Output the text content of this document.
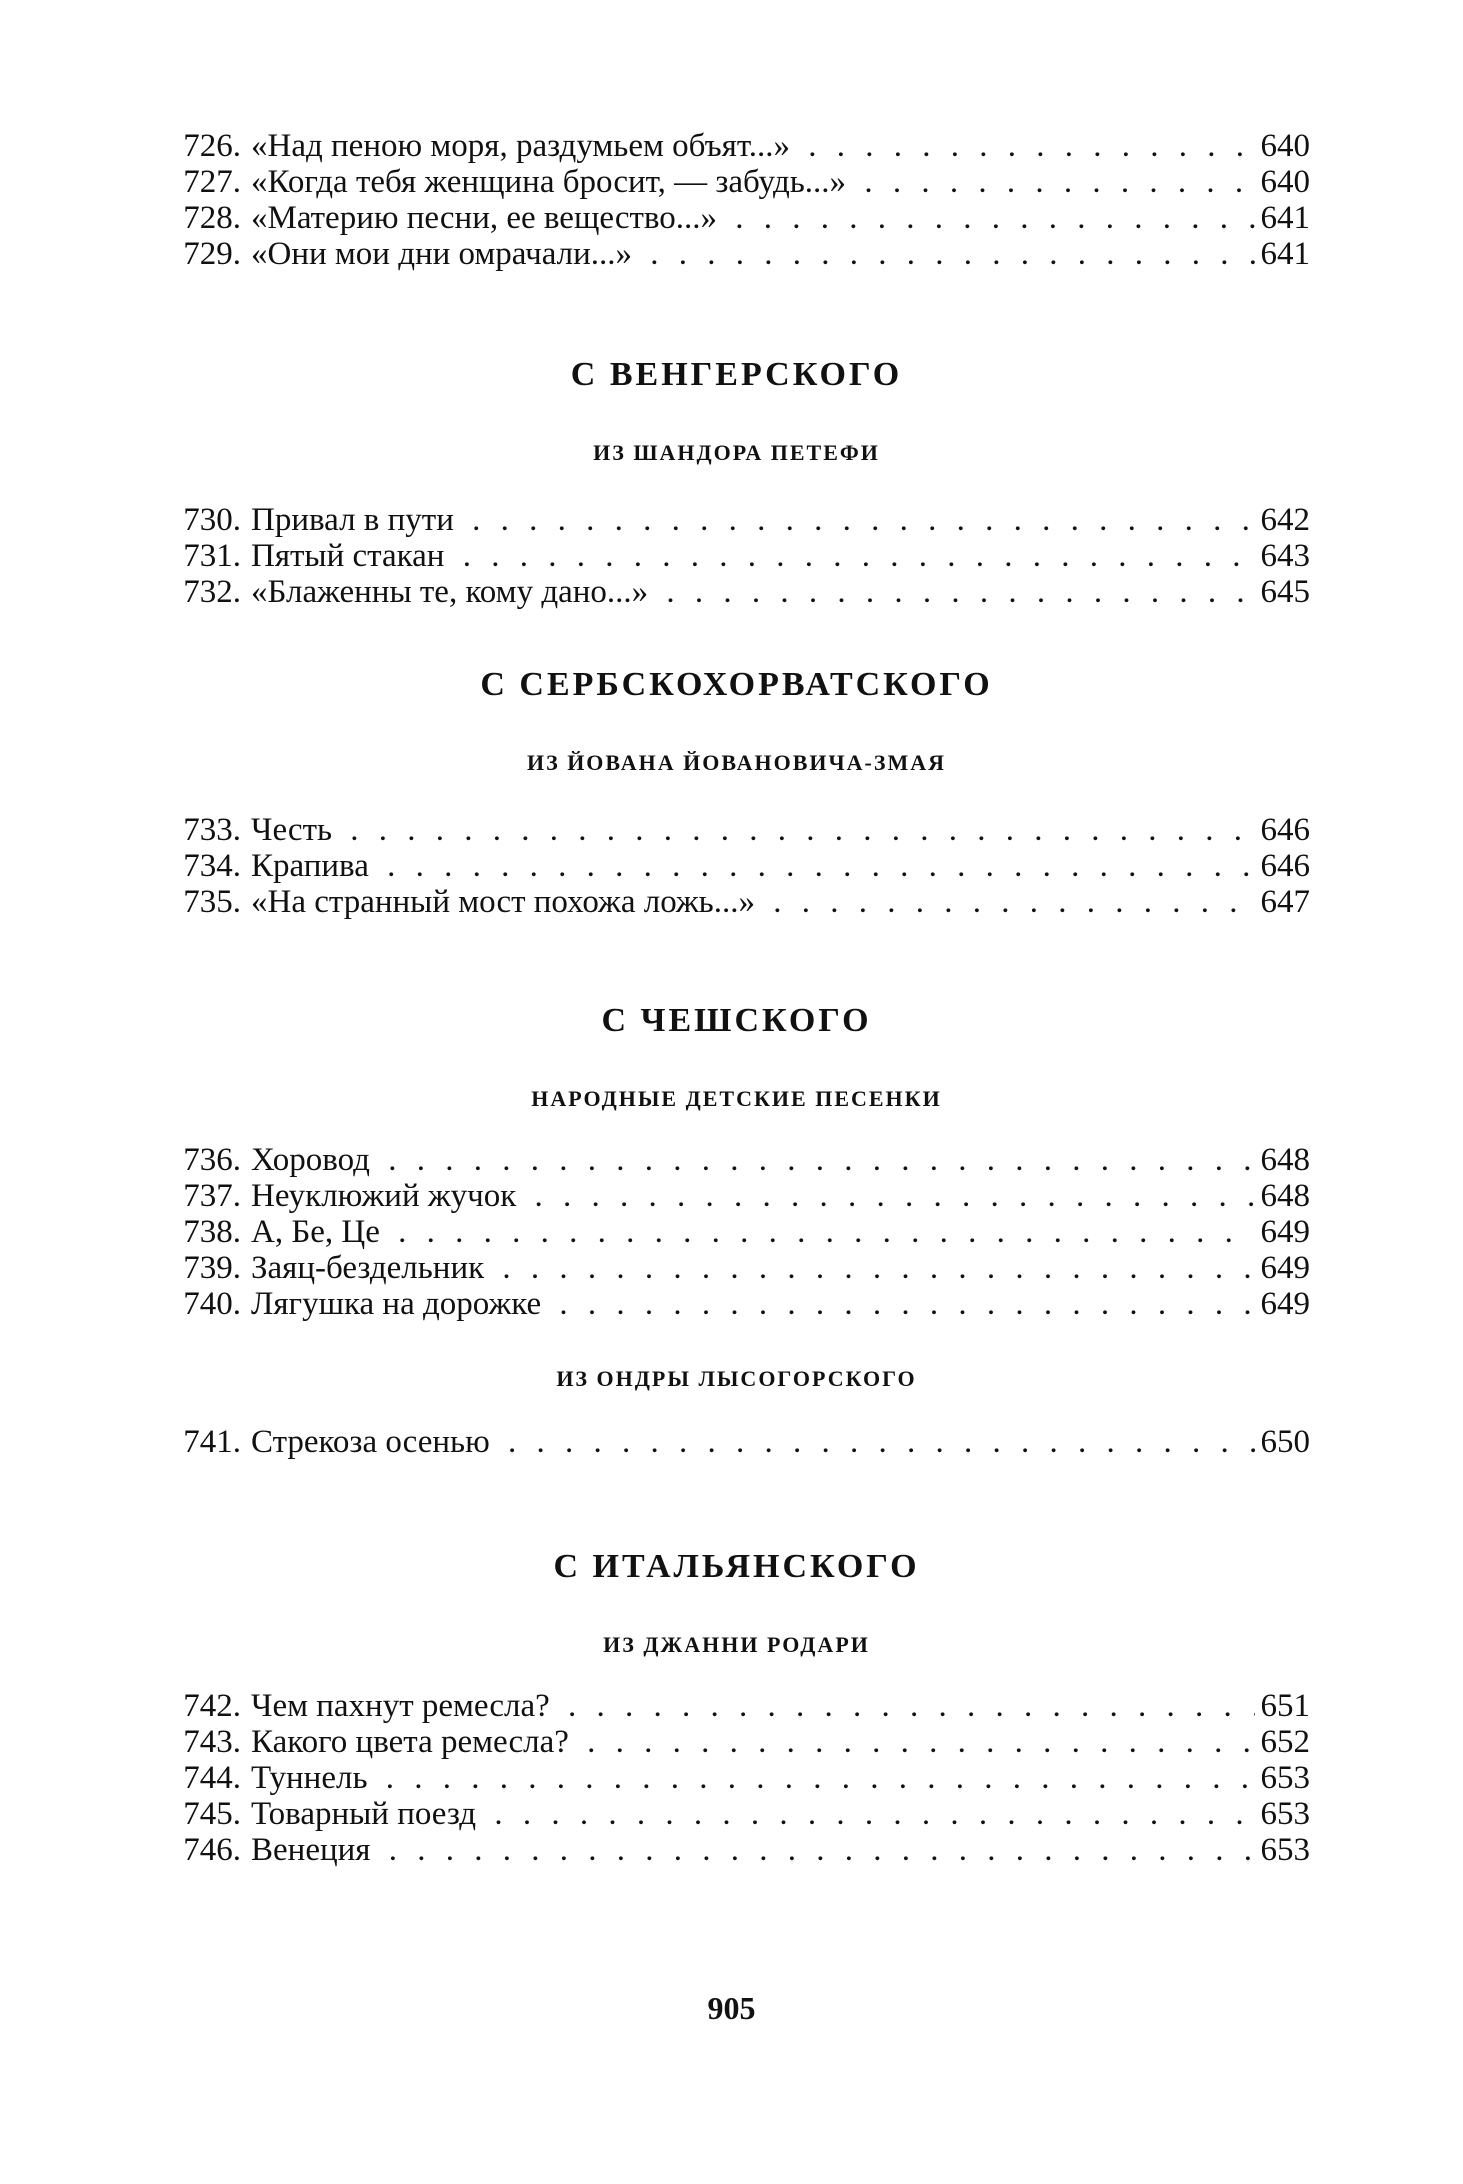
726. «Над пеною моря, раздумьем объят...» . . .	640
727. «Когда тебя женщина бросит, — забудь...» . . .	640
728. «Материю песни, ее вещество...» . . .	641
729. «Они мои дни омрачали...» . . .	641
С ВЕНГЕРСКОГО
ИЗ ШАНДОРА ПЕТЕФИ
730. Привал в пути . . .	642
731. Пятый стакан . . .	643
732. «Блаженны те, кому дано...» . . .	645
С СЕРБСКОХОРВАТСКОГО
ИЗ ЙОВАНА ЙОВАНОВИЧА-ЗМАЯ
733. Честь . . .	646
734. Крапива . . .	646
735. «На странный мост похожа ложь...» . . .	647
С ЧЕШСКОГО
НАРОДНЫЕ ДЕТСКИЕ ПЕСЕНКИ
736. Хоровод . . .	648
737. Неуклюжий жучок . . .	648
738. А, Бе, Це . . .	649
739. Заяц-бездельник . . .	649
740. Лягушка на дорожке . . .	649
ИЗ ОНДРЫ ЛЫСОГОРСКОГО
741. Стрекоза осенью . . .	650
С ИТАЛЬЯНСКОГО
ИЗ ДЖАННИ РОДАРИ
742. Чем пахнут ремесла? . . .	651
743. Какого цвета ремесла? . . .	652
744. Туннель . . .	653
745. Товарный поезд . . .	653
746. Венеция . . .	653
905
